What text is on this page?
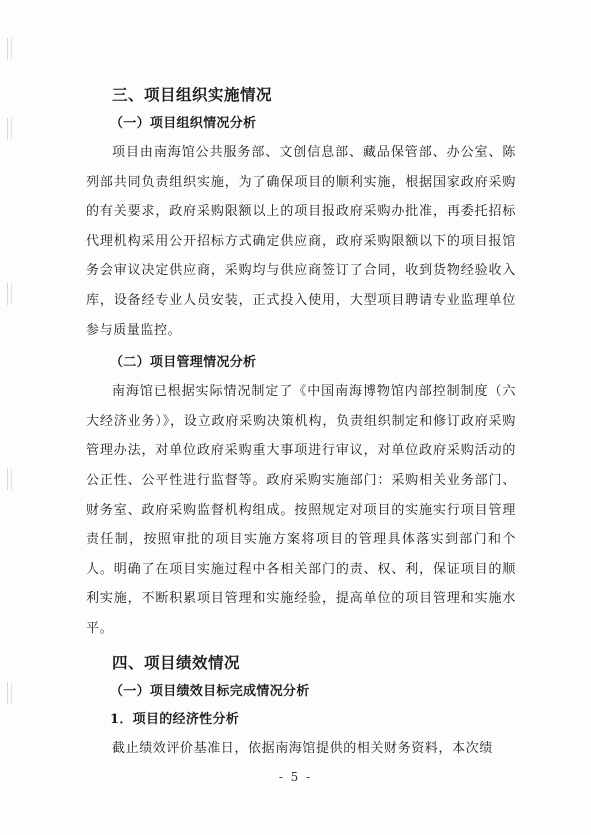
三、项目组织实施情况
（一）项目组织情况分析

项目由南海馆公共服务部、文创信息部、藏品保管部、办公室、陈列部共同负责组织实施，为了确保项目的顺利实施，根据国家政府采购的有关要求，政府采购限额以上的项目报政府采购办批准，再委托招标代理机构采用公开招标方式确定供应商，政府采购限额以下的项目报馆务会审议决定供应商，采购均与供应商签订了合同，收到货物经验收入库，设备经专业人员安装，正式投入使用，大型项目聘请专业监理单位参与质量监控。

（二）项目管理情况分析

南海馆已根据实际情况制定了《中国南海博物馆内部控制制度（六大经济业务）》，设立政府采购决策机构，负责组织制定和修订政府采购管理办法，对单位政府采购重大事项进行审议，对单位政府采购活动的公正性、公平性进行监督等。政府采购实施部门：采购相关业务部门、财务室、政府采购监督机构组成。按照规定对项目的实施实行项目管理责任制，按照审批的项目实施方案将项目的管理具体落实到部门和个人。明确了在项目实施过程中各相关部门的责、权、利，保证项目的顺利实施，不断积累项目管理和实施经验，提高单位的项目管理和实施水平。

四、项目绩效情况
（一）项目绩效目标完成情况分析
1．项目的经济性分析

截止绩效评价基准日，依据南海馆提供的相关财务资料，本次绩

- 5 -
